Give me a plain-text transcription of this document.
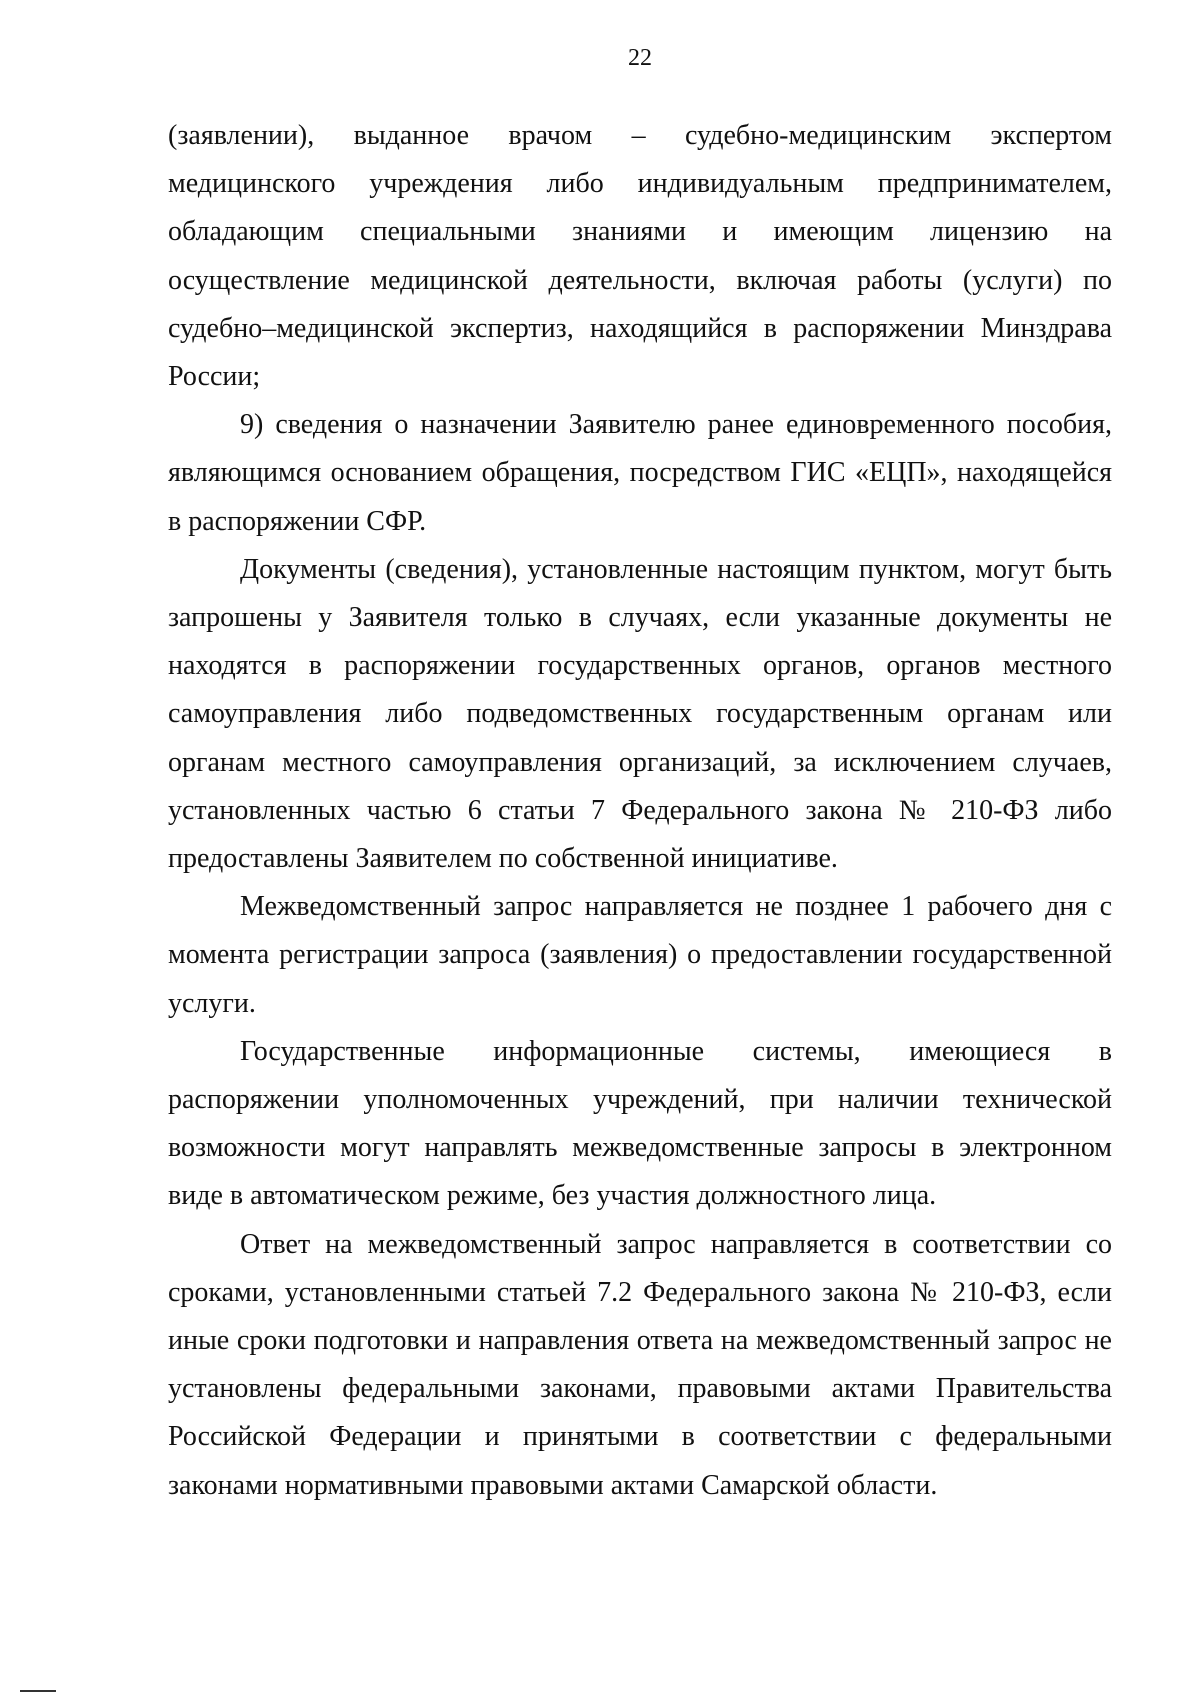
22

(заявлении), выданное врачом – судебно-медицинским экспертом медицинского учреждения либо индивидуальным предпринимателем, обладающим специальными знаниями и имеющим лицензию на осуществление медицинской деятельности, включая работы (услуги) по судебно–медицинской экспертиз, находящийся в распоряжении Минздрава России;

9) сведения о назначении Заявителю ранее единовременного пособия, являющимся основанием обращения, посредством ГИС «ЕЦП», находящейся в распоряжении СФР.

Документы (сведения), установленные настоящим пунктом, могут быть запрошены у Заявителя только в случаях, если указанные документы не находятся в распоряжении государственных органов, органов местного самоуправления либо подведомственных государственным органам или органам местного самоуправления организаций, за исключением случаев, установленных частью 6 статьи 7 Федерального закона № 210-ФЗ либо предоставлены Заявителем по собственной инициативе.

Межведомственный запрос направляется не позднее 1 рабочего дня с момента регистрации запроса (заявления) о предоставлении государственной услуги.

Государственные информационные системы, имеющиеся в распоряжении уполномоченных учреждений, при наличии технической возможности могут направлять межведомственные запросы в электронном виде в автоматическом режиме, без участия должностного лица.

Ответ на межведомственный запрос направляется в соответствии со сроками, установленными статьей 7.2 Федерального закона № 210-ФЗ, если иные сроки подготовки и направления ответа на межведомственный запрос не установлены федеральными законами, правовыми актами Правительства Российской Федерации и принятыми в соответствии с федеральными законами нормативными правовыми актами Самарской области.
